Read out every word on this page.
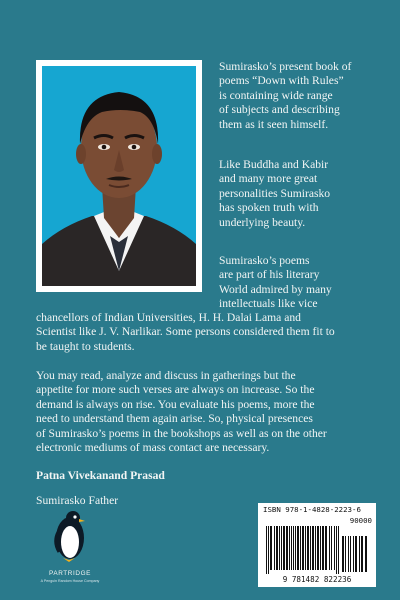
Sumirasko’s present book of
poems “Down with Rules”
is containing wide range
of subjects and describing
them as it seen himself.
Like Buddha and Kabir
and many more great
personalities Sumirasko
has spoken truth with
underlying beauty.
Sumirasko’s poems
are part of his literary
World admired by many
intellectuals like vice
chancellors of Indian Universities, H. H. Dalai Lama and
Scientist like J. V. Narlikar. Some persons considered them fit to
be taught to students.
You may read, analyze and discuss in gatherings but the
appetite for more such verses are always on increase. So the
demand is always on rise. You evaluate his poems, more the
need to understand them again arise. So, physical presences
of Sumirasko’s poems in the bookshops as well as on the other
electronic mediums of mass contact are necessary.
Patna Vivekanand Prasad
Sumirasko Father
PARTRIDGE
A Penguin Random House Company
ISBN 978-1-4828-2223-6
90000
9 781482 822236
